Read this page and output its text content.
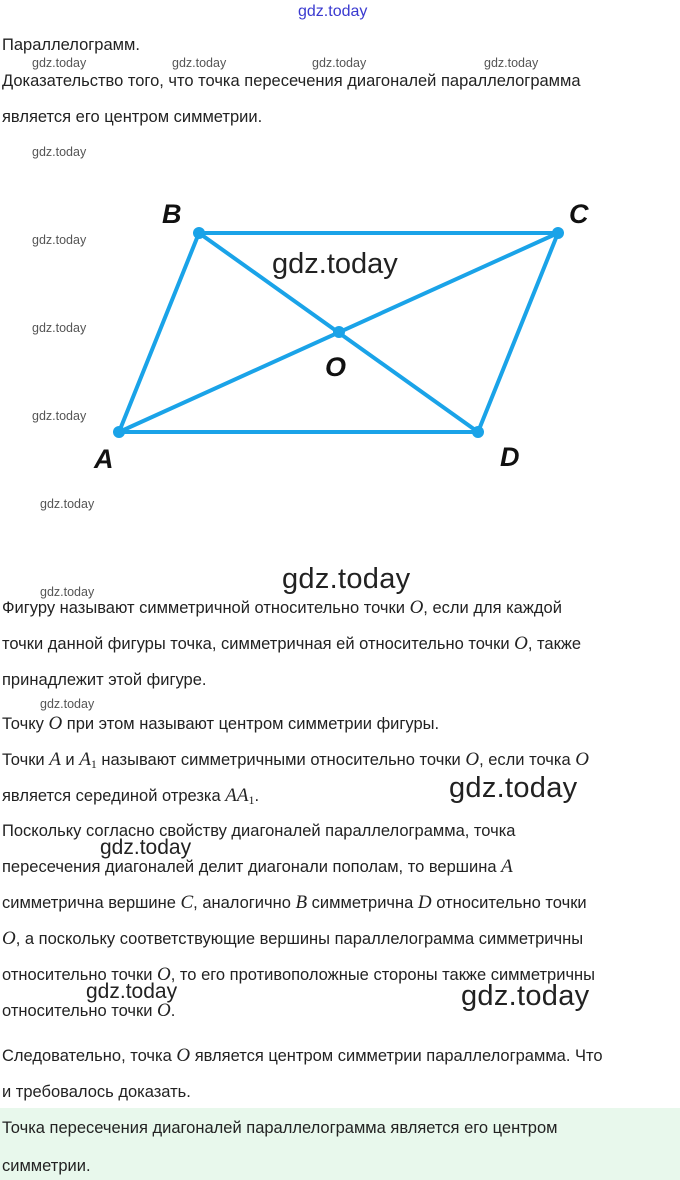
gdz.today
Параллелограмм.
gdz.today	gdz.today	gdz.today	gdz.today
Доказательство того, что точка пересечения диагоналей параллелограмма
является его центром симметрии.
gdz.today
gdz.today
gdz.today
gdz.today
gdz.today
A
B	C
D
O
gdz.today
gdz.today
gdz.today
Фигуру называют симметричной относительно точки O, если для каждой
точки данной фигуры точка, симметричная ей относительно точки O, также
принадлежит этой фигуре.
gdz.today
Точку O при этом называют центром симметрии фигуры.
Точки A и $A_1$ называют симметричными относительно точки O, если точка O
является серединой отрезка $AA_1$.	gdz.today
Поскольку согласно свойству диагоналей параллелограмма, точка
пересечения диагоналей делит диагонали пополам, то вершина A
gdz.today
симметрична вершине C, аналогично B симметрична D относительно точки
O, а поскольку соответствующие вершины параллелограмма симметричны
относительно точки O, то его противоположные стороны также симметричны
gdz.today
относительно точки O.	gdz.today
Следовательно, точка O является центром симметрии параллелограмма. Что
и требовалось доказать.
Точка пересечения диагоналей параллелограмма является его центром
симметрии.
